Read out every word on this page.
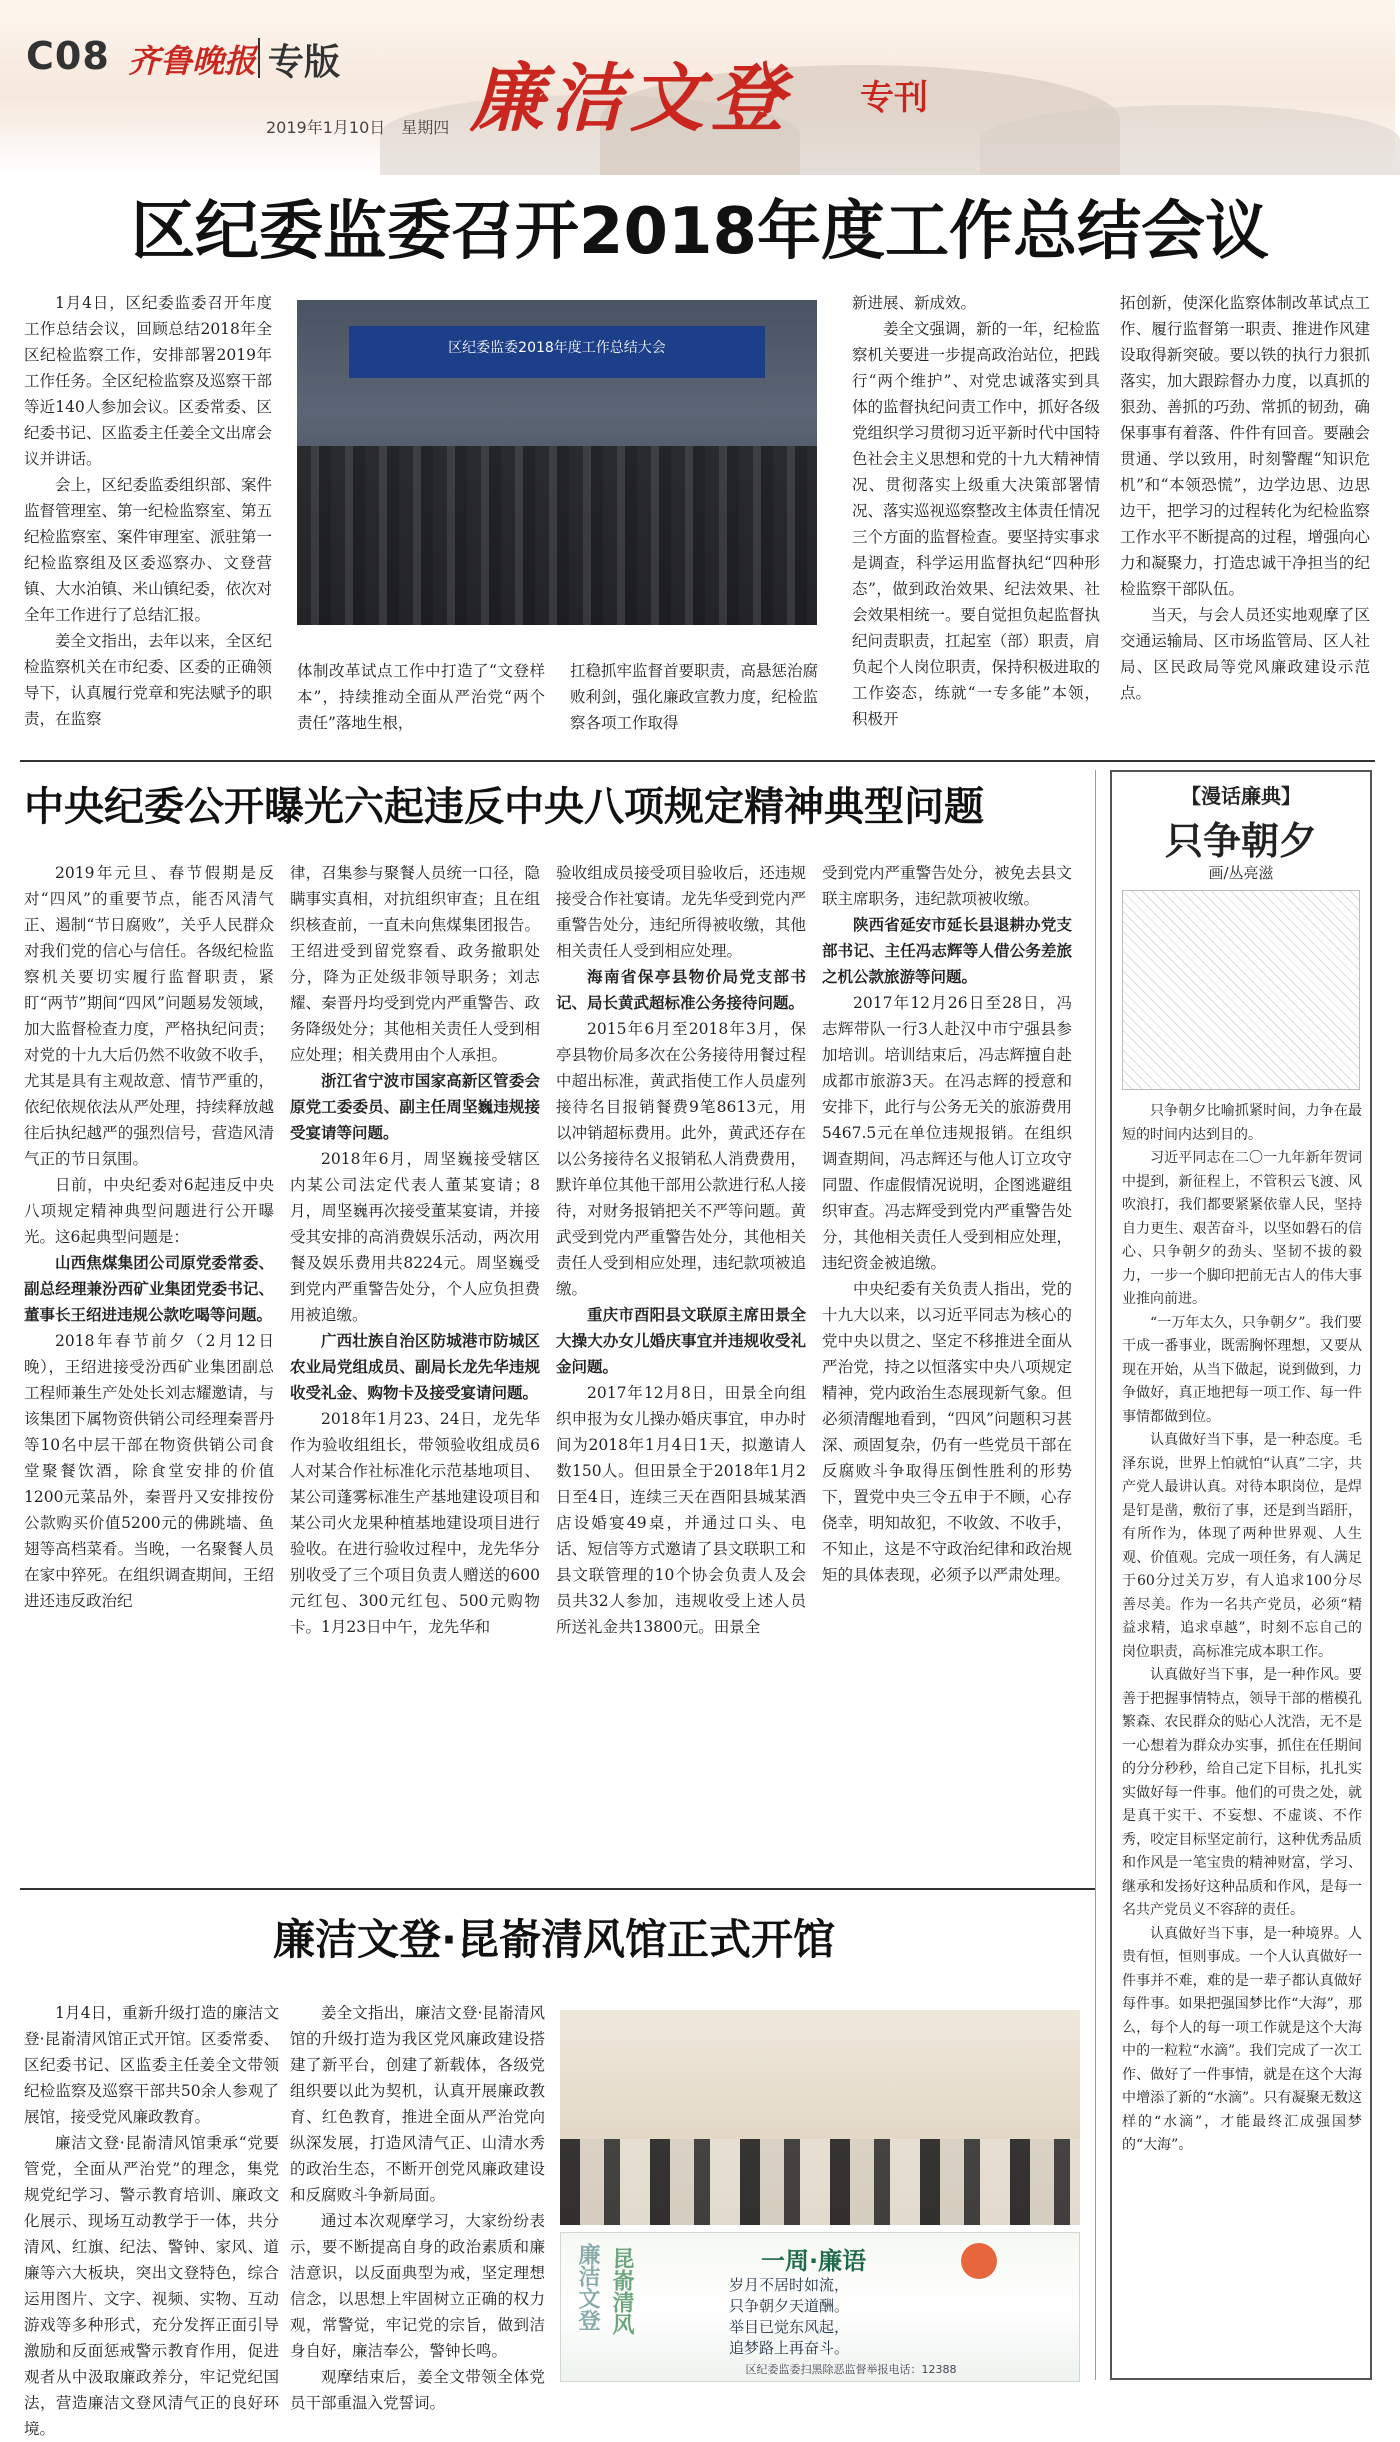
C08 齐鲁晚报 专版
2019年1月10日　星期四 廉洁文登 专刊
区纪委监委召开2018年度工作总结会议

1月4日，区纪委监委召开年度工作总结会议，回顾总结2018年全区纪检监察工作，安排部署2019年工作任务。全区纪检监察及巡察干部等近140人参加会议。区委常委、区纪委书记、区监委主任姜全文出席会议并讲话。

会上，区纪委监委组织部、案件监督管理室、第一纪检监察室、第五纪检监察室、案件审理室、派驻第一纪检监察组及区委巡察办、文登营镇、大水泊镇、米山镇纪委，依次对全年工作进行了总结汇报。

姜全文指出，去年以来，全区纪检监察机关在市纪委、区委的正确领导下，认真履行党章和宪法赋予的职责，在监察

区纪委监委2018年度工作总结大会

体制改革试点工作中打造了“文登样本”，持续推动全面从严治党“两个责任”落地生根，

扛稳抓牢监督首要职责，高悬惩治腐败利剑，强化廉政宣教力度，纪检监察各项工作取得

新进展、新成效。

姜全文强调，新的一年，纪检监察机关要进一步提高政治站位，把践行“两个维护”、对党忠诚落实到具体的监督执纪问责工作中，抓好各级党组织学习贯彻习近平新时代中国特色社会主义思想和党的十九大精神情况、贯彻落实上级重大决策部署情况、落实巡视巡察整改主体责任情况三个方面的监督检查。要坚持实事求是调查，科学运用监督执纪“四种形态”，做到政治效果、纪法效果、社会效果相统一。要自觉担负起监督执纪问责职责，扛起室（部）职责，肩负起个人岗位职责，保持积极进取的工作姿态，练就“一专多能”本领，积极开

拓创新，使深化监察体制改革试点工作、履行监督第一职责、推进作风建设取得新突破。要以铁的执行力狠抓落实，加大跟踪督办力度，以真抓的狠劲、善抓的巧劲、常抓的韧劲，确保事事有着落、件件有回音。要融会贯通、学以致用，时刻警醒“知识危机”和“本领恐慌”，边学边思、边思边干，把学习的过程转化为纪检监察工作水平不断提高的过程，增强向心力和凝聚力，打造忠诚干净担当的纪检监察干部队伍。

当天，与会人员还实地观摩了区交通运输局、区市场监管局、区人社局、区民政局等党风廉政建设示范点。

中央纪委公开曝光六起违反中央八项规定精神典型问题

2019年元旦、春节假期是反对“四风”的重要节点，能否风清气正、遏制“节日腐败”，关乎人民群众对我们党的信心与信任。各级纪检监察机关要切实履行监督职责，紧盯“两节”期间“四风”问题易发领域，加大监督检查力度，严格执纪问责；对党的十九大后仍然不收敛不收手，尤其是具有主观故意、情节严重的，依纪依规依法从严处理，持续释放越往后执纪越严的强烈信号，营造风清气正的节日氛围。

日前，中央纪委对6起违反中央八项规定精神典型问题进行公开曝光。这6起典型问题是：

山西焦煤集团公司原党委常委、副总经理兼汾西矿业集团党委书记、董事长王绍进违规公款吃喝等问题。

2018年春节前夕（2月12日晚），王绍进接受汾西矿业集团副总工程师兼生产处处长刘志耀邀请，与该集团下属物资供销公司经理秦晋丹等10名中层干部在物资供销公司食堂聚餐饮酒，除食堂安排的价值1200元菜品外，秦晋丹又安排按份公款购买价值5200元的佛跳墙、鱼翅等高档菜肴。当晚，一名聚餐人员在家中猝死。在组织调查期间，王绍进还违反政治纪

律，召集参与聚餐人员统一口径，隐瞒事实真相，对抗组织审查；且在组织核查前，一直未向焦煤集团报告。王绍进受到留党察看、政务撤职处分，降为正处级非领导职务；刘志耀、秦晋丹均受到党内严重警告、政务降级处分；其他相关责任人受到相应处理；相关费用由个人承担。

浙江省宁波市国家高新区管委会原党工委委员、副主任周坚巍违规接受宴请等问题。

2018年6月，周坚巍接受辖区内某公司法定代表人董某宴请；8月，周坚巍再次接受董某宴请，并接受其安排的高消费娱乐活动，两次用餐及娱乐费用共8224元。周坚巍受到党内严重警告处分，个人应负担费用被追缴。

广西壮族自治区防城港市防城区农业局党组成员、副局长龙先华违规收受礼金、购物卡及接受宴请问题。

2018年1月23、24日，龙先华作为验收组组长，带领验收组成员6人对某合作社标准化示范基地项目、某公司蓬雾标准生产基地建设项目和某公司火龙果种植基地建设项目进行验收。在进行验收过程中，龙先华分别收受了三个项目负责人赠送的600元红包、300元红包、500元购物卡。1月23日中午，龙先华和

验收组成员接受项目验收后，还违规接受合作社宴请。龙先华受到党内严重警告处分，违纪所得被收缴，其他相关责任人受到相应处理。

海南省保亭县物价局党支部书记、局长黄武超标准公务接待问题。

2015年6月至2018年3月，保亭县物价局多次在公务接待用餐过程中超出标准，黄武指使工作人员虚列接待名目报销餐费9笔8613元，用以冲销超标费用。此外，黄武还存在以公务接待名义报销私人消费费用，默许单位其他干部用公款进行私人接待，对财务报销把关不严等问题。黄武受到党内严重警告处分，其他相关责任人受到相应处理，违纪款项被追缴。

重庆市酉阳县文联原主席田景全大操大办女儿婚庆事宜并违规收受礼金问题。

2017年12月8日，田景全向组织申报为女儿操办婚庆事宜，申办时间为2018年1月4日1天，拟邀请人数150人。但田景全于2018年1月2日至4日，连续三天在酉阳县城某酒店设婚宴49桌，并通过口头、电话、短信等方式邀请了县文联职工和县文联管理的10个协会负责人及会员共32人参加，违规收受上述人员所送礼金共13800元。田景全

受到党内严重警告处分，被免去县文联主席职务，违纪款项被收缴。

陕西省延安市延长县退耕办党支部书记、主任冯志辉等人借公务差旅之机公款旅游等问题。

2017年12月26日至28日，冯志辉带队一行3人赴汉中市宁强县参加培训。培训结束后，冯志辉擅自赴成都市旅游3天。在冯志辉的授意和安排下，此行与公务无关的旅游费用5467.5元在单位违规报销。在组织调查期间，冯志辉还与他人订立攻守同盟、作虚假情况说明，企图逃避组织审查。冯志辉受到党内严重警告处分，其他相关责任人受到相应处理，违纪资金被追缴。

中央纪委有关负责人指出，党的十九大以来，以习近平同志为核心的党中央以贯之、坚定不移推进全面从严治党，持之以恒落实中央八项规定精神，党内政治生态展现新气象。但必须清醒地看到，“四风”问题积习甚深、顽固复杂，仍有一些党员干部在反腐败斗争取得压倒性胜利的形势下，置党中央三令五申于不顾，心存侥幸，明知故犯，不收敛、不收手，不知止，这是不守政治纪律和政治规矩的具体表现，必须予以严肃处理。

廉洁文登·昆嵛清风馆正式开馆

1月4日，重新升级打造的廉洁文登·昆嵛清风馆正式开馆。区委常委、区纪委书记、区监委主任姜全文带领纪检监察及巡察干部共50余人参观了展馆，接受党风廉政教育。

廉洁文登·昆嵛清风馆秉承“党要管党，全面从严治党”的理念，集党规党纪学习、警示教育培训、廉政文化展示、现场互动教学于一体，共分清风、红旗、纪法、警钟、家风、道廉等六大板块，突出文登特色，综合运用图片、文字、视频、实物、互动游戏等多种形式，充分发挥正面引导激励和反面惩戒警示教育作用，促进观者从中汲取廉政养分，牢记党纪国法，营造廉洁文登风清气正的良好环境。

姜全文指出，廉洁文登·昆嵛清风馆的升级打造为我区党风廉政建设搭建了新平台，创建了新载体，各级党组织要以此为契机，认真开展廉政教育、红色教育，推进全面从严治党向纵深发展，打造风清气正、山清水秀的政治生态，不断开创党风廉政建设和反腐败斗争新局面。

通过本次观摩学习，大家纷纷表示，要不断提高自身的政治素质和廉洁意识，以反面典型为戒，坚定理想信念，以思想上牢固树立正确的权力观，常警觉，牢记党的宗旨，做到洁身自好，廉洁奉公，警钟长鸣。

观摩结束后，姜全文带领全体党员干部重温入党誓词。

廉洁文登 昆嵛清风	一周·廉语
岁月不居时如流，
只争朝夕天道酬。
举目已觉东风起，
追梦路上再奋斗。
区纪委监委扫黑除恶监督举报电话：12388
【漫话廉典】
只争朝夕
画/丛亮滋

只争朝夕比喻抓紧时间，力争在最短的时间内达到目的。

习近平同志在二〇一九年新年贺词中提到，新征程上，不管积云飞渡、风吹浪打，我们都要紧紧依靠人民，坚持自力更生、艰苦奋斗，以坚如磐石的信心、只争朝夕的劲头、坚韧不拔的毅力，一步一个脚印把前无古人的伟大事业推向前进。

“一万年太久，只争朝夕”。我们要干成一番事业，既需胸怀理想，又要从现在开始，从当下做起，说到做到，力争做好，真正地把每一项工作、每一件事情都做到位。

认真做好当下事，是一种态度。毛泽东说，世界上怕就怕“认真”二字，共产党人最讲认真。对待本职岗位，是焊是钉是凿，敷衍了事，还是到当蹈肝，有所作为，体现了两种世界观、人生观、价值观。完成一项任务，有人满足于60分过关万岁，有人追求100分尽善尽美。作为一名共产党员，必须“精益求精，追求卓越”，时刻不忘自己的岗位职责，高标准完成本职工作。

认真做好当下事，是一种作风。要善于把握事情特点，领导干部的楷模孔繁森、农民群众的贴心人沈浩，无不是一心想着为群众办实事，抓住在任期间的分分秒秒，给自己定下目标，扎扎实实做好每一件事。他们的可贵之处，就是真干实干、不妄想、不虚谈、不作秀，咬定目标坚定前行，这种优秀品质和作风是一笔宝贵的精神财富，学习、继承和发扬好这种品质和作风，是每一名共产党员义不容辞的责任。

认真做好当下事，是一种境界。人贵有恒，恒则事成。一个人认真做好一件事并不难，难的是一辈子都认真做好每件事。如果把强国梦比作“大海”，那么，每个人的每一项工作就是这个大海中的一粒粒“水滴”。我们完成了一次工作、做好了一件事情，就是在这个大海中增添了新的“水滴”。只有凝聚无数这样的“水滴”，才能最终汇成强国梦的“大海”。
